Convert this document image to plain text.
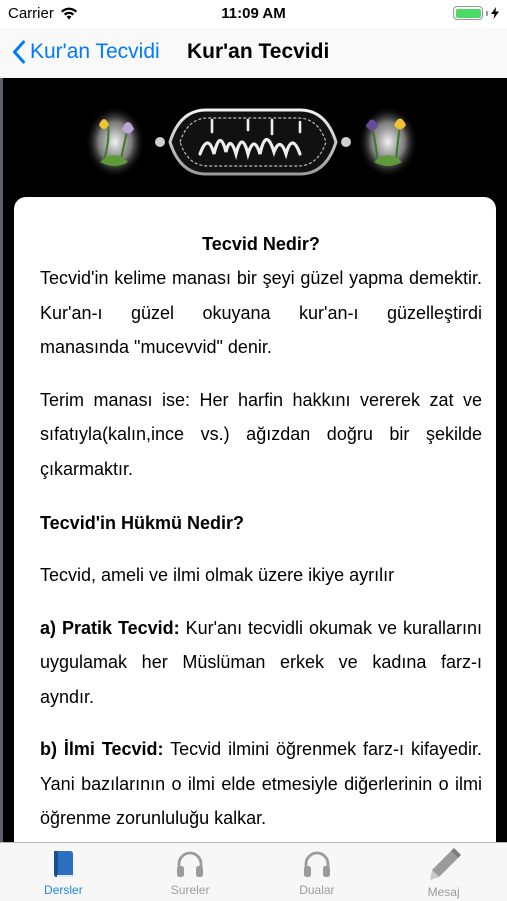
Carrier	11:09 AM
Kur'an Tecvidi Kur'an Tecvidi

Tecvid Nedir?

Tecvid'in kelime manası bir şeyi güzel yapma demektir. Kur'an-ı güzel okuyana kur'an-ı güzelleştirdi manasında "mucevvid" denir.

Terim manası ise: Her harfin hakkını vererek zat ve sıfatıyla(kalın,ince vs.) ağızdan doğru bir şekilde çıkarmaktır.

Tecvid'in Hükmü Nedir?

Tecvid, ameli ve ilmi olmak üzere ikiye ayrılır

a) Pratik Tecvid: Kur'anı tecvidli okumak ve kurallarını uygulamak her Müslüman erkek ve kadına farz-ı ayndır.

b) İlmi Tecvid: Tecvid ilmini öğrenmek farz-ı kifayedir. Yani bazılarının o ilmi elde etmesiyle diğerlerinin o ilmi öğrenme zorunluluğu kalkar.

Dersler	Sureler	Dualar	Mesaj
